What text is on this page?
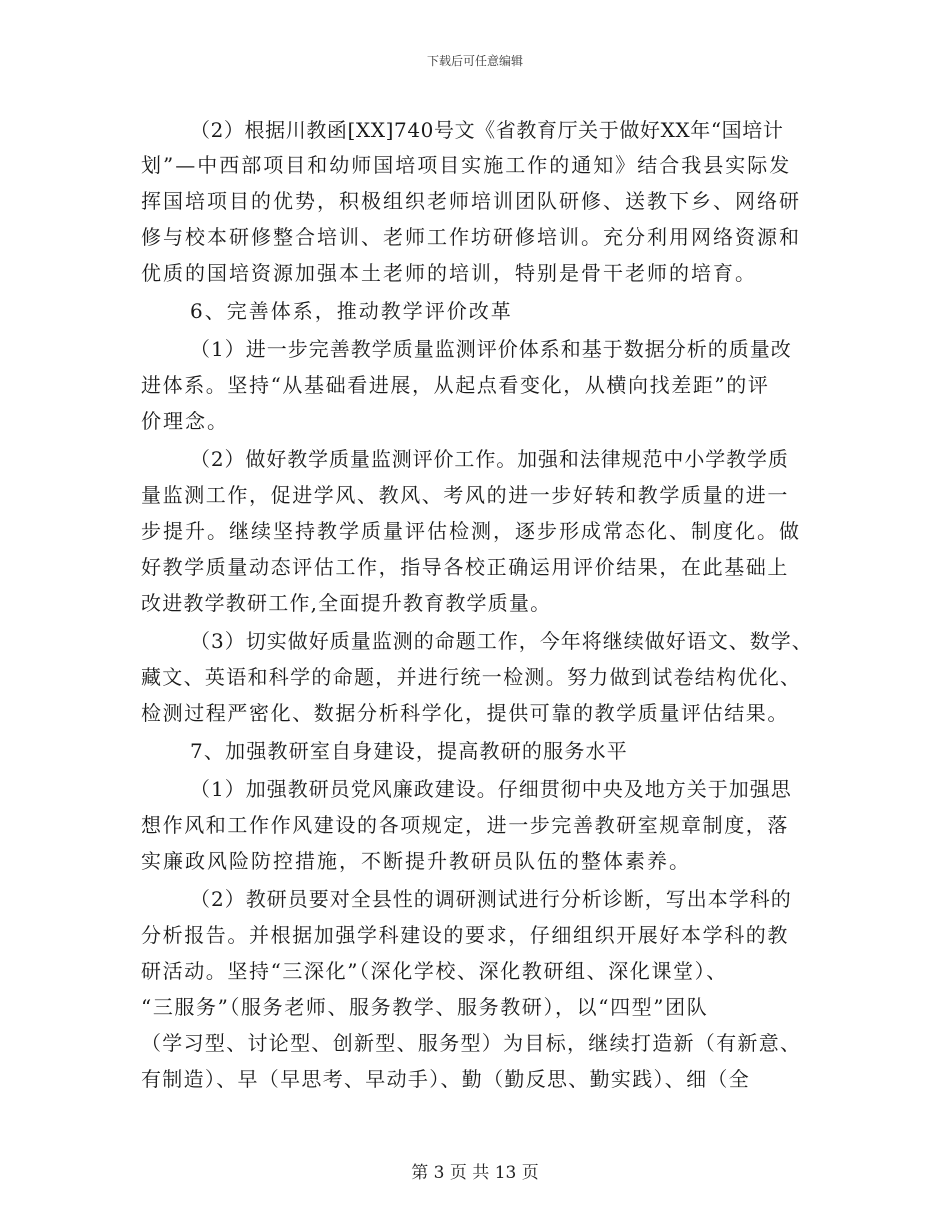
下载后可任意编辑
（2）根据川教函[XX]740号文《省教育厅关于做好XX年“国培计
划”—中西部项目和幼师国培项目实施工作的通知》结合我县实际发
挥国培项目的优势，积极组织老师培训团队研修、送教下乡、网络研
修与校本研修整合培训、老师工作坊研修培训。充分利用网络资源和
优质的国培资源加强本土老师的培训，特别是骨干老师的培育。
6、完善体系，推动教学评价改革
（1）进一步完善教学质量监测评价体系和基于数据分析的质量改
进体系。坚持“从基础看进展，从起点看变化，从横向找差距”的评
价理念。
（2）做好教学质量监测评价工作。加强和法律规范中小学教学质
量监测工作，促进学风、教风、考风的进一步好转和教学质量的进一
步提升。继续坚持教学质量评估检测，逐步形成常态化、制度化。做
好教学质量动态评估工作，指导各校正确运用评价结果，在此基础上
改进教学教研工作,全面提升教育教学质量。
（3）切实做好质量监测的命题工作，今年将继续做好语文、数学、
藏文、英语和科学的命题，并进行统一检测。努力做到试卷结构优化、
检测过程严密化、数据分析科学化，提供可靠的教学质量评估结果。
7、加强教研室自身建设，提高教研的服务水平
（1）加强教研员党风廉政建设。仔细贯彻中央及地方关于加强思
想作风和工作作风建设的各项规定，进一步完善教研室规章制度，落
实廉政风险防控措施，不断提升教研员队伍的整体素养。
（2）教研员要对全县性的调研测试进行分析诊断，写出本学科的
分析报告。并根据加强学科建设的要求，仔细组织开展好本学科的教
研活动。坚持“三深化”（深化学校、深化教研组、深化课堂）、
“三服务”（服务老师、服务教学、服务教研），以“四型”团队
（学习型、讨论型、创新型、服务型）为目标，继续打造新（有新意、
有制造）、早（早思考、早动手）、勤（勤反思、勤实践）、细（全
第 3 页 共 13 页
